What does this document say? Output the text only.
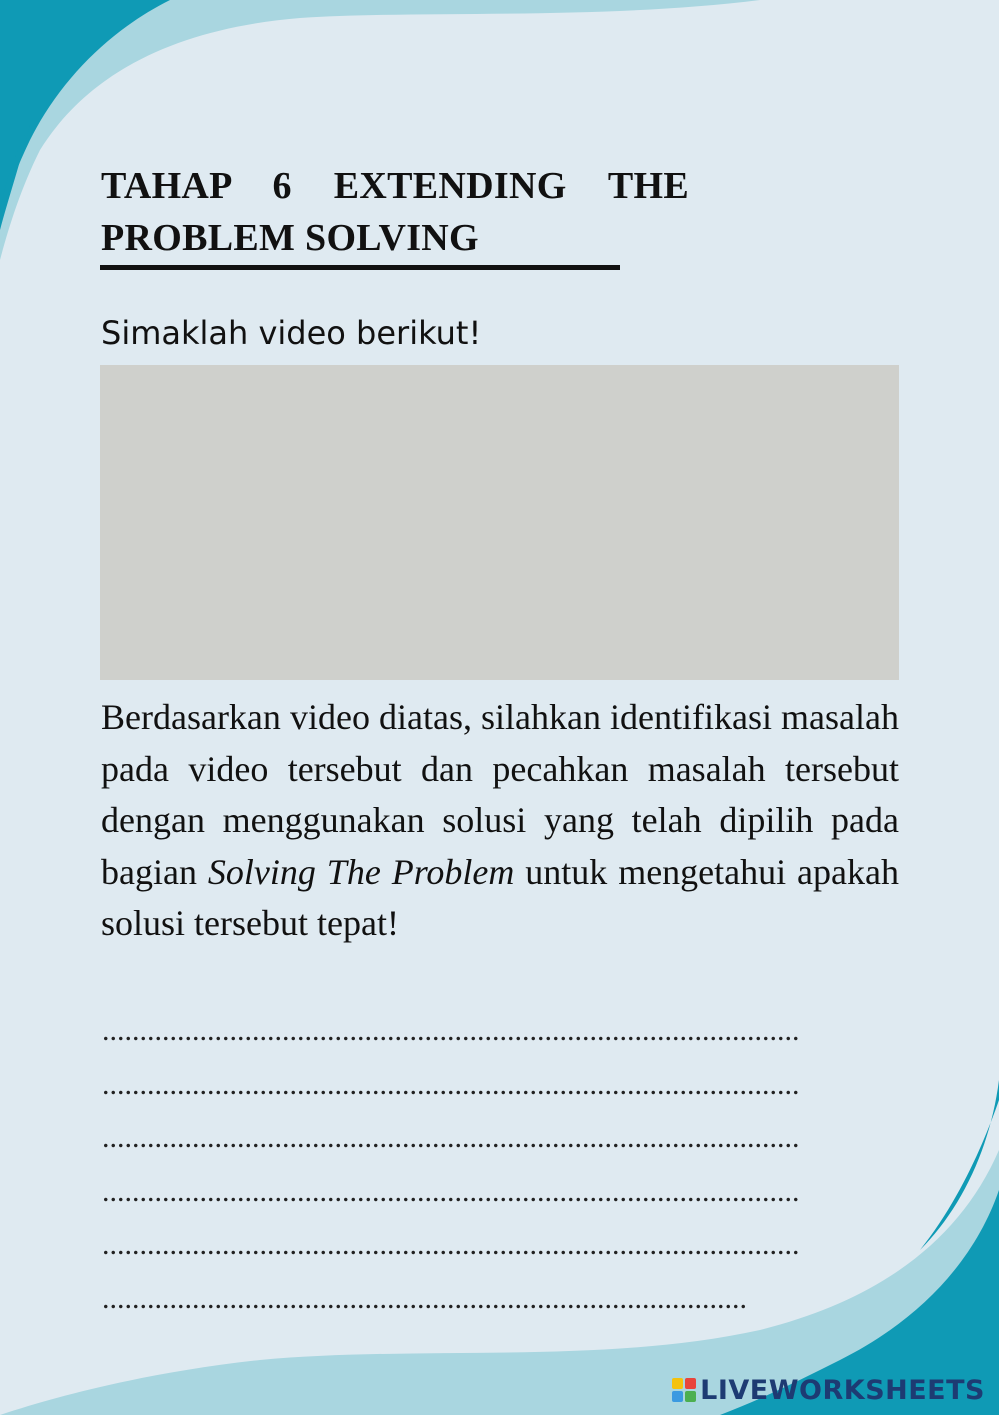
TAHAP 6 EXTENDING THE
PROBLEM SOLVING

Simaklah video berikut!

Berdasarkan video diatas, silahkan identifikasi masalah pada video tersebut dan pecahkan masalah tersebut dengan menggunakan solusi yang telah dipilih pada bagian Solving The Problem untuk mengetahui apakah solusi tersebut tepat!

.............................................................................................
.............................................................................................
.............................................................................................
.............................................................................................
.............................................................................................
......................................................................................
LIVEWORKSHEETS
